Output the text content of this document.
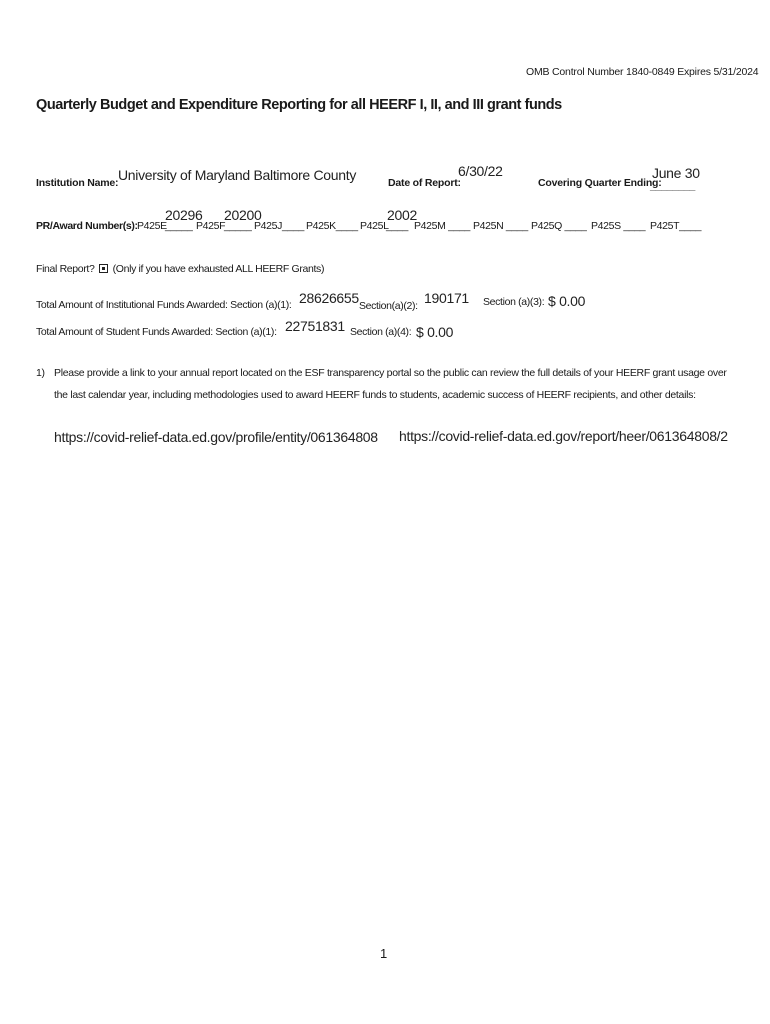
OMB Control Number 1840-0849 Expires 5/31/2024
Quarterly Budget and Expenditure Reporting for all HEERF I, II, and III grant funds
Institution Name: University of Maryland Baltimore County	Date of Report:
6/30/22
Covering Quarter Ending:
June 30
________
PR/Award Number(s): P425E
_____
20296
P425F
_____
20200
P425J____ P425K____ P425L
____
2002
P425M ____ P425N ____ P425Q ____ P425S ____ P425T____
Final Report? (Only if you have exhausted ALL HEERF Grants)
Total Amount of Institutional Funds Awarded: Section (a)(1): 28626655 Section(a)(2): 190171 Section (a)(3): $ 0.00
Total Amount of Student Funds Awarded: Section (a)(1): 22751831 Section (a)(4): $ 0.00
1) Please provide a link to your annual report located on the ESF transparency portal so the public can review the full details of your HEERF grant usage over
the last calendar year, including methodologies used to award HEERF funds to students, academic success of HEERF recipients, and other details:
https://covid-relief-data.ed.gov/profile/entity/061364808 https://covid-relief-data.ed.gov/report/heer/061364808/2
1
